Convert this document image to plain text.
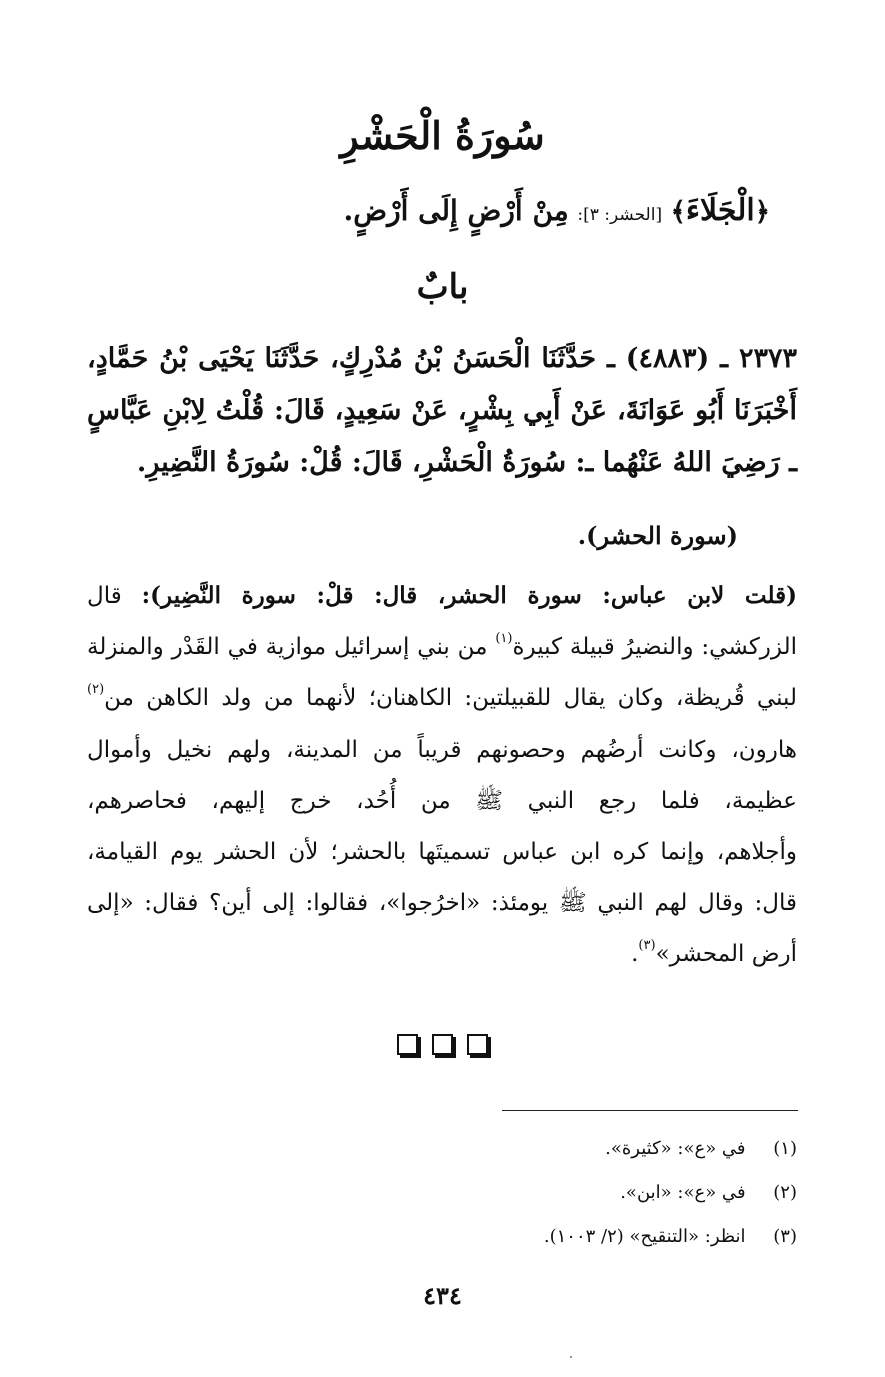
سُورَةُ الْحَشْرِ
﴿الْجَلَاءَ﴾ [الحشر: ٣]: مِنْ أَرْضٍ إِلَى أَرْضٍ.
بابٌ
٢٣٧٣ ـ (٤٨٨٣) ـ حَدَّثَنَا الْحَسَنُ بْنُ مُدْرِكٍ، حَدَّثَنَا يَحْيَى بْنُ حَمَّادٍ،
أَخْبَرَنَا أَبُو عَوَانَةَ، عَنْ أَبِي بِشْرٍ، عَنْ سَعِيدٍ، قَالَ: قُلْتُ لِابْنِ عَبَّاسٍ
ـ رَضِيَ اللهُ عَنْهُما ـ: سُورَةُ الْحَشْرِ، قَالَ: قُلْ: سُورَةُ النَّضِيرِ.
(سورة الحشر).
(قلت لابن عباس: سورة الحشر، قال: قلْ: سورة النَّضِير): قال
الزركشي: والنضيرُ قبيلة كبيرة$^{(١)}$ من بني إسرائيل موازية في القَدْر والمنزلة
لبني قُريظة، وكان يقال للقبيلتين: الكاهنان؛ لأنهما من ولد الكاهن من$^{(٢)}$
هارون، وكانت أرضُهم وحصونهم قريباً من المدينة، ولهم نخيل وأموال
عظيمة، فلما رجع النبي ﷺ من أُحُد، خرج إليهم، فحاصرهم،
وأجلاهم، وإنما كره ابن عباس تسميتَها بالحشر؛ لأن الحشر يوم القيامة،
قال: وقال لهم النبي ﷺ يومئذ: «اخرُجوا»، فقالوا: إلى أين؟ فقال: «إلى
أرض المحشر»$^{(٣)}$.
(١)  في «ع»: «كثيرة».
(٢)  في «ع»: «ابن».
(٣)  انظر: «التنقيح» (٢/ ١٠٠٣).
٤٣٤
